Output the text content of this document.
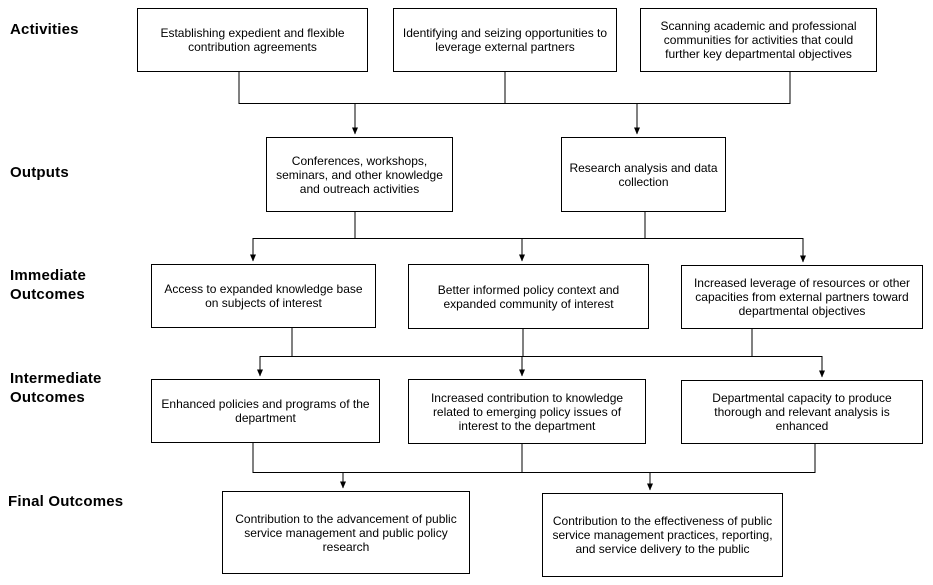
Activities
Outputs
Immediate Outcomes
Intermediate Outcomes
Final Outcomes
Establishing expedient and flexible contribution agreements
Identifying and seizing opportunities to leverage external partners
Scanning academic and professional communities for activities that could further key departmental objectives
Conferences, workshops, seminars, and other knowledge and outreach activities
Research analysis and data collection
Access to expanded knowledge base on subjects of interest
Better informed policy context and expanded community of interest
Increased leverage of resources or other capacities from external partners toward departmental objectives
Enhanced policies and programs of the department
Increased contribution to knowledge related to emerging policy issues of interest to the department
Departmental capacity to produce thorough and relevant analysis is enhanced
Contribution to the advancement of public service management and public policy research
Contribution to the effectiveness of public service management practices, reporting, and service delivery to the public
